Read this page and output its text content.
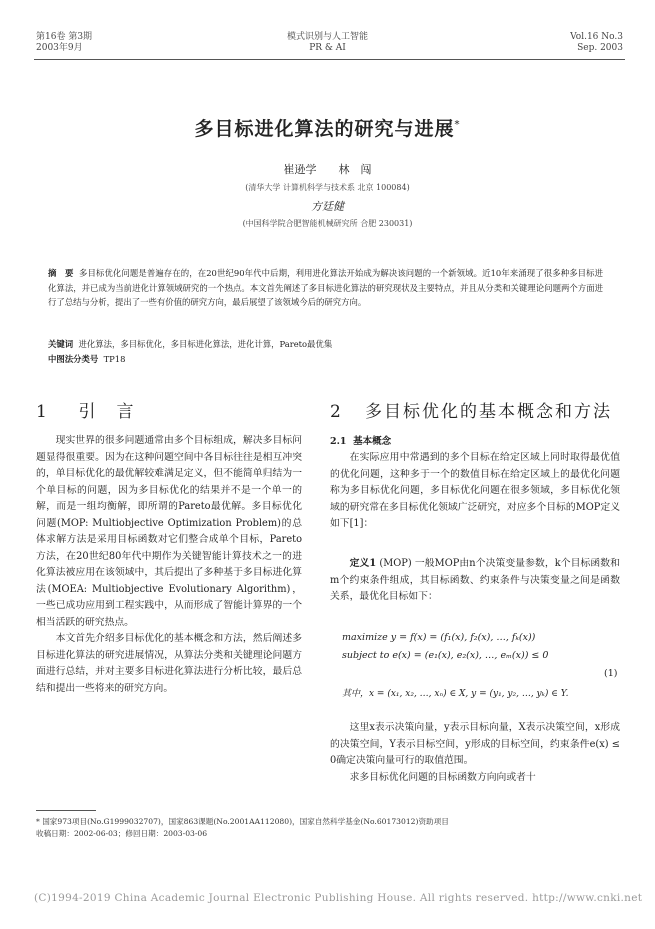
第16卷 第3期
2003年9月
模式识别与人工智能
PR & AI
Vol.16 No.3
Sep. 2003
多目标进化算法的研究与进展*
崔逊学　　林　闯
(清华大学 计算机科学与技术系 北京 100084)
方廷健
(中国科学院合肥智能机械研究所 合肥 230031)
摘　要 多目标优化问题是普遍存在的，在20世纪90年代中后期，利用进化算法开始成为解决该问题的一个新领域。近10年来涌现了很多种多目标进化算法，并已成为当前进化计算领域研究的一个热点。本文首先阐述了多目标进化算法的研究现状及主要特点，并且从分类和关键理论问题两个方面进行了总结与分析，提出了一些有价值的研究方向，最后展望了该领域今后的研究方向。
关键词 进化算法，多目标优化，多目标进化算法，进化计算，Pareto最优集
中图法分类号 TP18
1 引　言

现实世界的很多问题通常由多个目标组成，解决多目标问题显得很重要。因为在这种问题空间中各目标往往是相互冲突的，单目标优化的最优解较难满足定义，但不能简单归结为一个单目标的问题，因为多目标优化的结果并不是一个单一的解，而是一组均衡解，即所谓的Pareto最优解。多目标优化问题(MOP: Multiobjective Optimization Problem)的总体求解方法是采用目标函数对它们整合成单个目标，Pareto方法，在20世纪80年代中期作为关键智能计算技术之一的进化算法被应用在该领域中，其后提出了多种基于多目标进化算法(MOEA: Multiobjective Evolutionary Algorithm)，一些已成功应用到工程实践中，从而形成了智能计算界的一个相当活跃的研究热点。

本文首先介绍多目标优化的基本概念和方法，然后阐述多目标进化算法的研究进展情况，从算法分类和关键理论问题方面进行总结，并对主要多目标进化算法进行分析比较，最后总结和提出一些将来的研究方向。

2 多目标优化的基本概念和方法
2.1 基本概念

在实际应用中常遇到的多个目标在给定区域上同时取得最优值的优化问题，这种多于一个的数值目标在给定区域上的最优化问题称为多目标优化问题，多目标优化问题在很多领域，多目标优化领域的研究常在多目标优化领域广泛研究，对应多个目标的MOP定义如下[1]：

定义1 (MOP) 一般MOP由n个决策变量参数，k个目标函数和m个约束条件组成，其目标函数、约束条件与决策变量之间是函数关系，最优化目标如下：

maximize y = f(x) = (f₁(x), f₂(x), …, fₖ(x))
subject to e(x) = (e₁(x), e₂(x), …, eₘ(x)) ≤ 0
(1)
其中，x = (x₁, x₂, …, xₙ) ∈ X, y = (y₁, y₂, …, yₖ) ∈ Y.

这里x表示决策向量，y表示目标向量，X表示决策空间，x形成的决策空间，Y表示目标空间，y形成的目标空间，约束条件e(x) ≤ 0确定决策向量可行的取值范围。

求多目标优化问题的目标函数方向向或者十

* 国家973项目(No.G1999032707)，国家863课题(No.2001AA112080)，国家自然科学基金(No.60173012)资助项目
收稿日期：2002-06-03；修回日期：2003-03-06
(C)1994-2019 China Academic Journal Electronic Publishing House. All rights reserved. http://www.cnki.net
